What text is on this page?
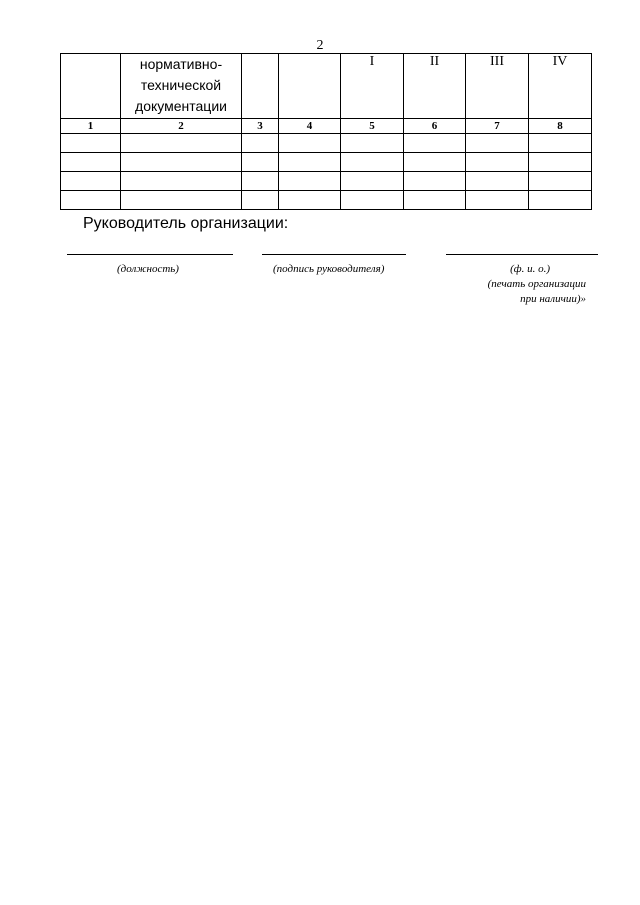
2

	нормативно-
технической
документации			I	II	III	IV
1	2	3	4	5	6	7	8

Руководитель организации:
(должность)	(подпись руководителя)	(ф. и. о.)
(печать организации
при наличии)»
